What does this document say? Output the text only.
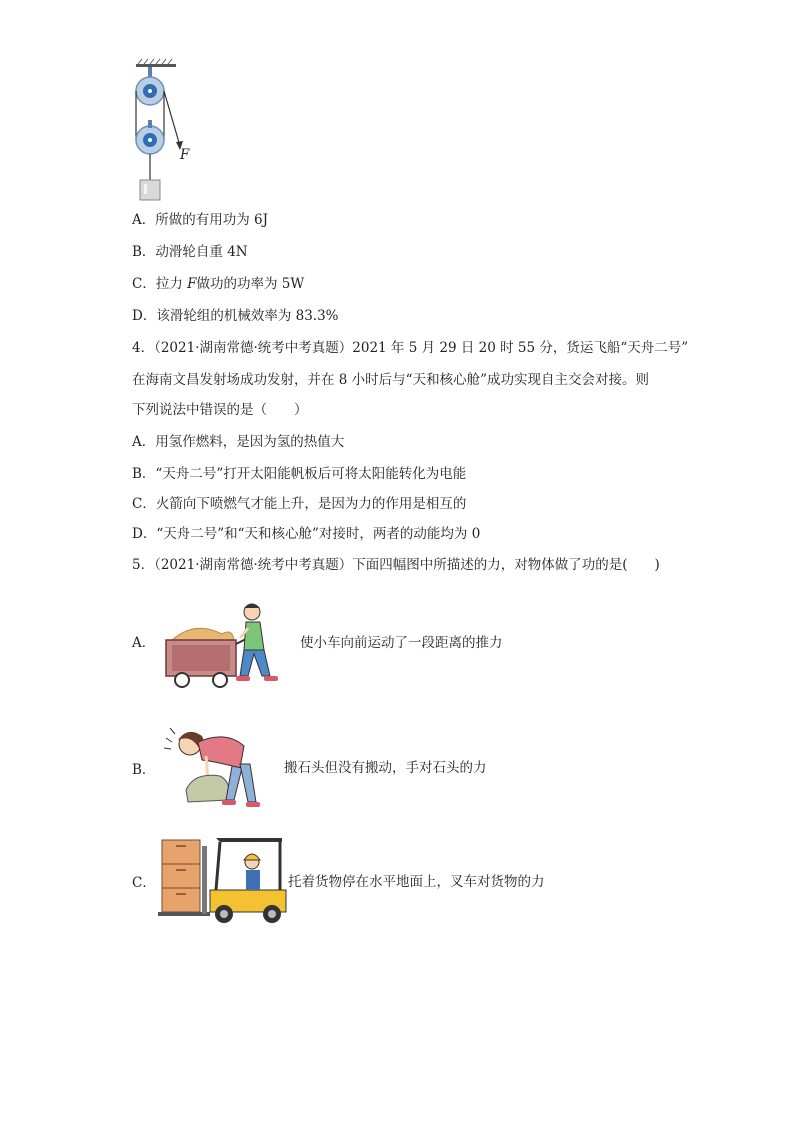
F
A．所做的有用功为 6J
B．动滑轮自重 4N
C．拉力 F做功的功率为 5W
D．该滑轮组的机械效率为 83.3%
4．（2021·湖南常德·统考中考真题）2021 年 5 月 29 日 20 时 55 分，货运飞船“天舟二号”
在海南文昌发射场成功发射，并在 8 小时后与“天和核心舱”成功实现自主交会对接。则
下列说法中错误的是（　　）
A．用氢作燃料，是因为氢的热值大
B．“天舟二号”打开太阳能帆板后可将太阳能转化为电能
C．火箭向下喷燃气才能上升，是因为力的作用是相互的
D．“天舟二号”和“天和核心舱”对接时，两者的动能均为 0
5．（2021·湖南常德·统考中考真题）下面四幅图中所描述的力，对物体做了功的是(　　)
A．	使小车向前运动了一段距离的推力
B．	搬石头但没有搬动，手对石头的力
C．	托着货物停在水平地面上，叉车对货物的力
